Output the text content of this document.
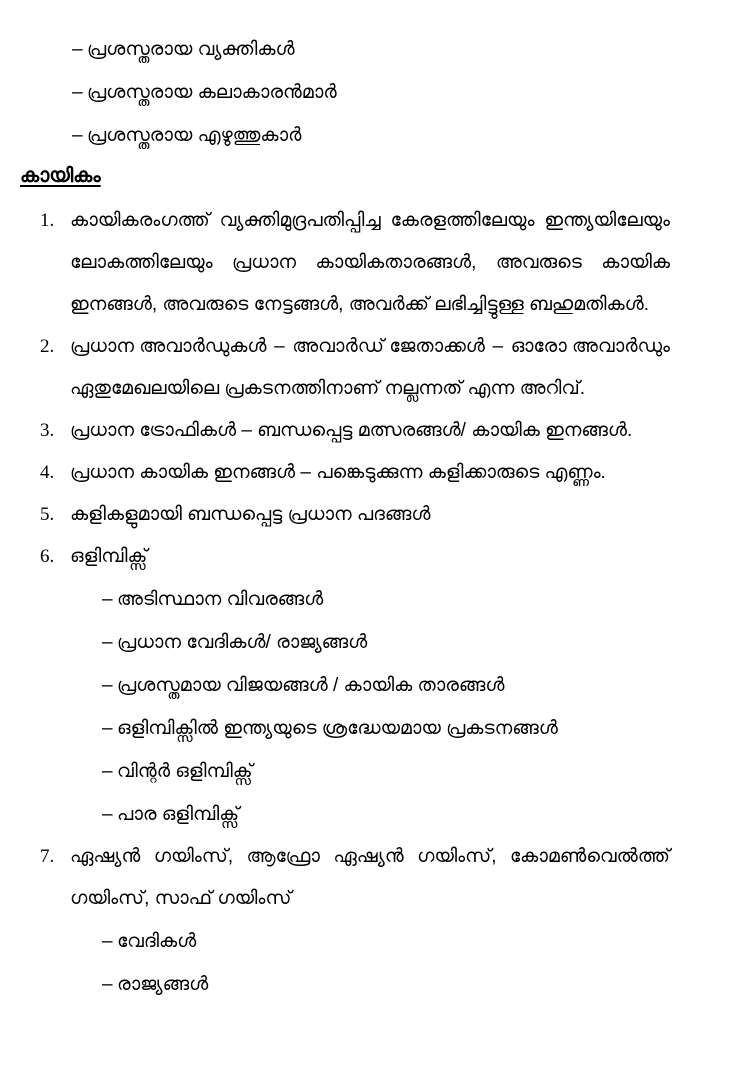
– പ്രശസ്തരായ വ്യക്തികൾ
– പ്രശസ്തരായ കലാകാരൻമാർ
– പ്രശസ്തരായ എഴുത്തുകാർ
കായികം
1. കായികരംഗത്ത് വ്യക്തിമുദ്രപതിപ്പിച്ച കേരളത്തിലേയും ഇന്ത്യയിലേയും
ലോകത്തിലേയും പ്രധാന കായികതാരങ്ങൾ, അവരുടെ കായിക
ഇനങ്ങൾ, അവരുടെ നേട്ടങ്ങൾ, അവർക്ക് ലഭിച്ചിട്ടുള്ള ബഹുമതികൾ.
2. പ്രധാന അവാർഡുകൾ – അവാർഡ് ജേതാക്കൾ – ഓരോ അവാർഡും
ഏതുമേഖലയിലെ പ്രകടനത്തിനാണ് നല്ലന്നത് എന്ന അറിവ്.
3. പ്രധാന ട്രോഫികൾ – ബന്ധപ്പെട്ട മത്സരങ്ങൾ/ കായിക ഇനങ്ങൾ.
4. പ്രധാന കായിക ഇനങ്ങൾ – പങ്കെടുക്കുന്ന കളിക്കാരുടെ എണ്ണം.
5. കളികളുമായി ബന്ധപ്പെട്ട പ്രധാന പദങ്ങൾ
6. ഒളിമ്പിക്സ്
– അടിസ്ഥാന വിവരങ്ങൾ
– പ്രധാന വേദികൾ/ രാജ്യങ്ങൾ
– പ്രശസ്തമായ വിജയങ്ങൾ / കായിക താരങ്ങൾ
– ഒളിമ്പിക്സിൽ ഇന്ത്യയുടെ ശ്രദ്ധേയമായ പ്രകടനങ്ങൾ
– വിന്റർ ഒളിമ്പിക്സ്
– പാര ഒളിമ്പിക്സ്
7. ഏഷ്യൻ ഗയിംസ്, ആഫ്രോ ഏഷ്യൻ ഗയിംസ്, കോമൺവെൽത്ത്
ഗയിംസ്, സാഫ് ഗയിംസ്
– വേദികൾ
– രാജ്യങ്ങൾ
